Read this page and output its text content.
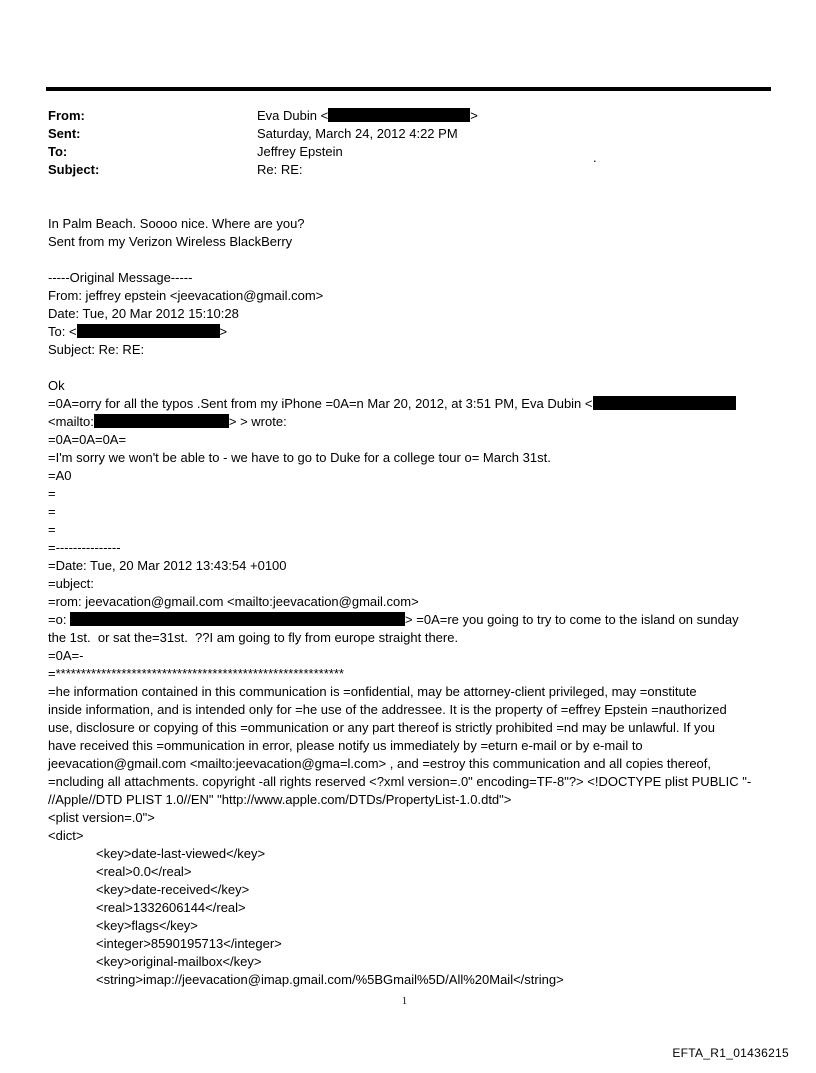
From:	Eva Dubin <	>
Sent:	Saturday, March 24, 2012 4:22 PM
To:	Jeffrey Epstein	.
Subject:	Re: RE:
In Palm Beach. Soooo nice. Where are you?
Sent from my Verizon Wireless BlackBerry
-----Original Message-----
From: jeffrey epstein <jeevacation@gmail.com>
Date: Tue, 20 Mar 2012 15:10:28
To: <	>
Subject: Re: RE:
Ok
=0A=orry for all the typos .Sent from my iPhone =0A=n Mar 20, 2012, at 3:51 PM, Eva Dubin <
<mailto:	> > wrote:
=0A=0A=0A=
=I'm sorry we won't be able to - we have to go to Duke for a college tour o= March 31st.
=A0
=
=
=
=---------------
=Date: Tue, 20 Mar 2012 13:43:54 +0100
=ubject:
=rom: jeevacation@gmail.com <mailto:jeevacation@gmail.com>
=o:	> =0A=re you going to try to come to the island on sunday
the 1st.  or sat the=31st.  ??I am going to fly from europe straight there.
=0A=-
=*********************************************************
=he information contained in this communication is =onfidential, may be attorney-client privileged, may =onstitute
inside information, and is intended only for =he use of the addressee. It is the property of =effrey Epstein =nauthorized
use, disclosure or copying of this =ommunication or any part thereof is strictly prohibited =nd may be unlawful. If you
have received this =ommunication in error, please notify us immediately by =eturn e-mail or by e-mail to
jeevacation@gmail.com <mailto:jeevacation@gma=l.com> , and =estroy this communication and all copies thereof,
=ncluding all attachments. copyright -all rights reserved <?xml version=.0" encoding=TF-8"?> <!DOCTYPE plist PUBLIC "-
//Apple//DTD PLIST 1.0//EN" "http://www.apple.com/DTDs/PropertyList-1.0.dtd">
<plist version=.0">
<dict>
<key>date-last-viewed</key>
<real>0.0</real>
<key>date-received</key>
<real>1332606144</real>
<key>flags</key>
<integer>8590195713</integer>
<key>original-mailbox</key>
<string>imap://jeevacation@imap.gmail.com/%5BGmail%5D/All%20Mail</string>
1
EFTA_R1_01436215
